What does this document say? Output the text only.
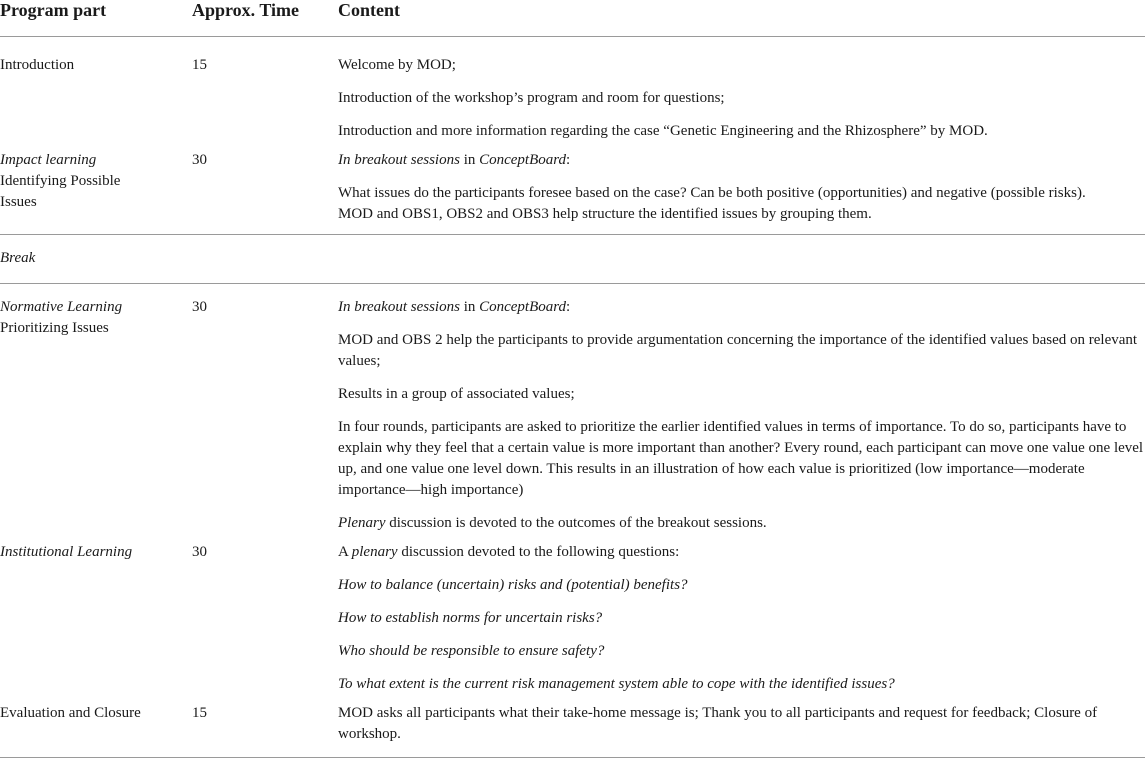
Program part	Approx. Time	Content
Introduction	15	Welcome by MOD;
Introduction of the workshop’s program and room for questions;
Introduction and more information regarding the case “Genetic Engineering and the Rhizosphere” by MOD.

Impact learning
Identifying Possible Issues	30	In breakout sessions in ConceptBoard:
What issues do the participants foresee based on the case? Can be both positive (opportunities) and negative (possible risks).
MOD and OBS1, OBS2 and OBS3 help structure the identified issues by grouping them.

Break		

Normative Learning
Prioritizing Issues	30	In breakout sessions in ConceptBoard:
MOD and OBS 2 help the participants to provide argumentation concerning the importance of the identified values based on relevant values;
Results in a group of associated values;
In four rounds, participants are asked to prioritize the earlier identified values in terms of importance. To do so, participants have to explain why they feel that a certain value is more important than another? Every round, each participant can move one value one level up, and one value one level down. This results in an illustration of how each value is prioritized (low importance—moderate importance—high importance)
Plenary discussion is devoted to the outcomes of the breakout sessions.

Institutional Learning	30	A plenary discussion devoted to the following questions:
How to balance (uncertain) risks and (potential) benefits?
How to establish norms for uncertain risks?
Who should be responsible to ensure safety?
To what extent is the current risk management system able to cope with the identified issues?

Evaluation and Closure	15	MOD asks all participants what their take-home message is; Thank you to all participants and request for feedback; Closure of workshop.
